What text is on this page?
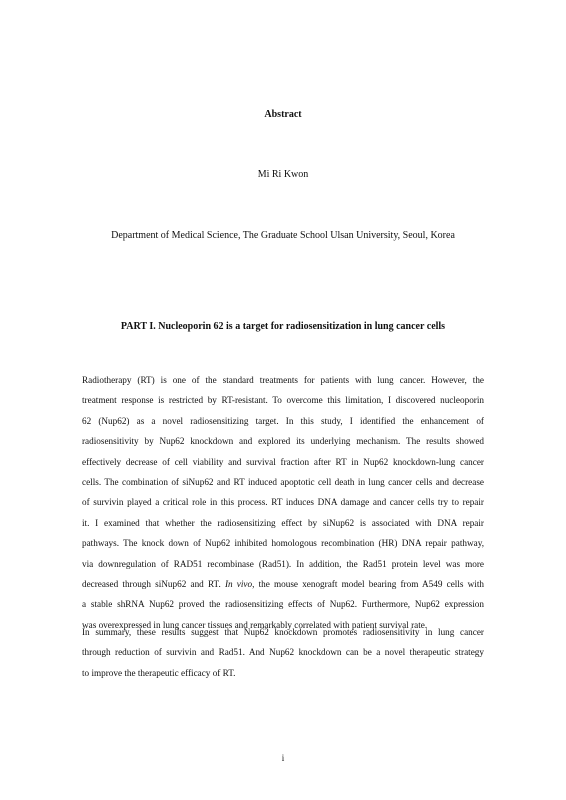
Abstract
Mi Ri Kwon
Department of Medical Science, The Graduate School Ulsan University, Seoul, Korea
PART I. Nucleoporin 62 is a target for radiosensitization in lung cancer cells
Radiotherapy (RT) is one of the standard treatments for patients with lung cancer. However, the
treatment response is restricted by RT-resistant. To overcome this limitation, I discovered nucleoporin
62 (Nup62) as a novel radiosensitizing target. In this study, I identified the enhancement of
radiosensitivity by Nup62 knockdown and explored its underlying mechanism. The results showed
effectively decrease of cell viability and survival fraction after RT in Nup62 knockdown-lung cancer
cells. The combination of siNup62 and RT induced apoptotic cell death in lung cancer cells and decrease
of survivin played a critical role in this process. RT induces DNA damage and cancer cells try to repair
it. I examined that whether the radiosensitizing effect by siNup62 is associated with DNA repair
pathways. The knock down of Nup62 inhibited homologous recombination (HR) DNA repair pathway,
via downregulation of RAD51 recombinase (Rad51). In addition, the Rad51 protein level was more
decreased through siNup62 and RT. In vivo, the mouse xenograft model bearing from A549 cells with
a stable shRNA Nup62 proved the radiosensitizing effects of Nup62. Furthermore, Nup62 expression
was overexpressed in lung cancer tissues and remarkably correlated with patient survival rate.
In summary, these results suggest that Nup62 knockdown promotes radiosensitivity in lung cancer
through reduction of survivin and Rad51. And Nup62 knockdown can be a novel therapeutic strategy
to improve the therapeutic efficacy of RT.
i
